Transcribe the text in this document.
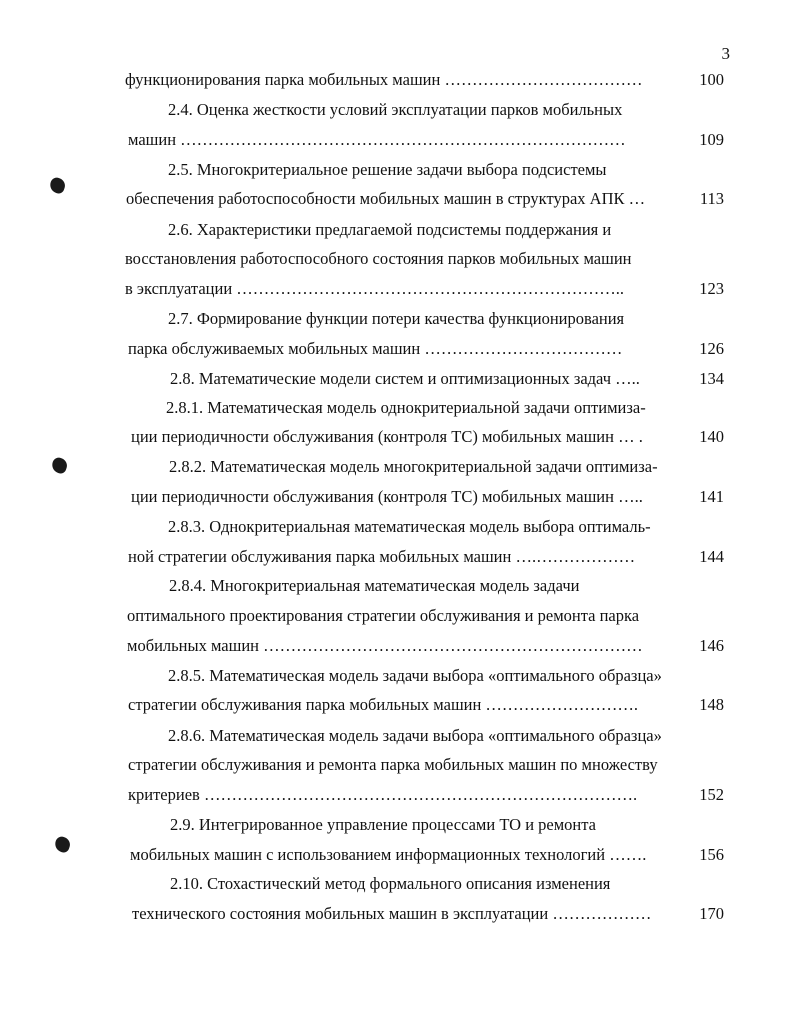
3
функционирования парка мобильных машин ………………………………	100
2.4. Оценка жесткости условий эксплуатации парков мобильных
машин ………………………………………………………………………	109
2.5. Многокритериальное решение задачи выбора подсистемы
обеспечения работоспособности мобильных машин в структурах АПК …	113
2.6. Характеристики предлагаемой подсистемы поддержания и
восстановления работоспособного состояния парков мобильных машин
в эксплуатации ……………………………………………………………..	123
2.7. Формирование функции потери качества функционирования
парка обслуживаемых мобильных машин ………………………………	126
2.8. Математические модели систем и оптимизационных задач …..	134
2.8.1. Математическая модель однокритериальной задачи оптимиза-
ции периодичности обслуживания (контроля ТС) мобильных машин … .	140
2.8.2. Математическая модель многокритериальной задачи оптимиза-
ции периодичности обслуживания (контроля ТС) мобильных машин …..	141
2.8.3. Однокритериальная математическая модель выбора оптималь-
ной стратегии обслуживания парка мобильных машин ….………………	144
2.8.4. Многокритериальная математическая модель задачи
оптимального проектирования стратегии обслуживания и ремонта парка
мобильных машин ……………………………………………………………	146
2.8.5. Математическая модель задачи выбора «оптимального образца»
стратегии обслуживания парка мобильных машин ……………………….	148
2.8.6. Математическая модель задачи выбора «оптимального образца»
стратегии обслуживания и ремонта парка мобильных машин по множеству
критериев …………………………………………………………………….	152
2.9. Интегрированное управление процессами ТО и ремонта
мобильных машин с использованием информационных технологий …….	156
2.10. Стохастический метод формального описания изменения
технического состояния мобильных машин в эксплуатации ………………	170
